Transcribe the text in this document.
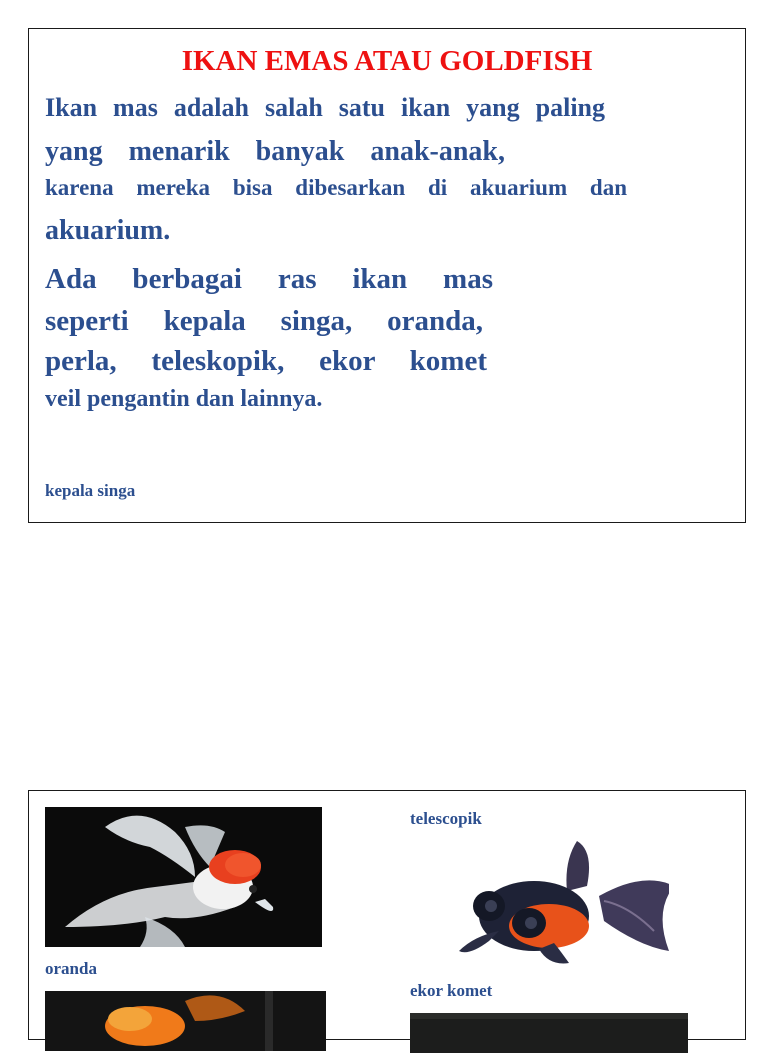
IKAN EMAS ATAU GOLDFISH
Ikan mas adalah salah satu ikan yang paling
yang menarik banyak anak-anak,
karena mereka bisa dibesarkan di akuarium dan
akuarium.
Ada berbagai ras ikan mas
seperti kepala singa, oranda,
perla, teleskopik, ekor komet
veil pengantin dan lainnya.
kepala singa
oranda
telescopik
ekor komet
